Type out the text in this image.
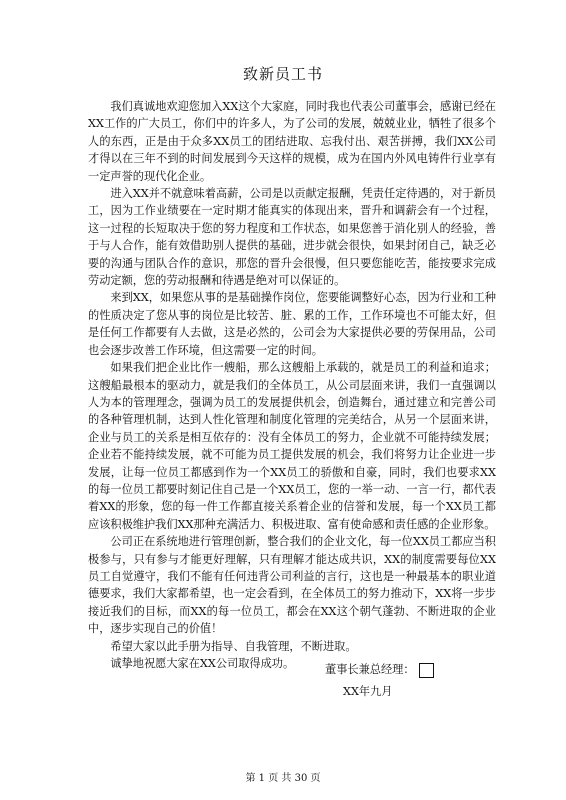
致新员工书

我们真诚地欢迎您加入XX这个大家庭，同时我也代表公司董事会，感谢已经在XX工作的广大员工，你们中的许多人，为了公司的发展，兢兢业业，牺牲了很多个人的东西，正是由于众多XX员工的团结进取、忘我付出、艰苦拼搏，我们XX公司才得以在三年不到的时间发展到今天这样的规模，成为在国内外风电铸件行业享有一定声誉的现代化企业。

进入XX并不就意味着高薪，公司是以贡献定报酬，凭责任定待遇的，对于新员工，因为工作业绩要在一定时期才能真实的体现出来，晋升和调薪会有一个过程，这一过程的长短取决于您的努力程度和工作状态，如果您善于消化别人的经验，善于与人合作，能有效借助别人提供的基础，进步就会很快，如果封闭自己，缺乏必要的沟通与团队合作的意识，那您的晋升会很慢，但只要您能吃苦，能按要求完成劳动定额，您的劳动报酬和待遇是绝对可以保证的。

来到XX，如果您从事的是基础操作岗位，您要能调整好心态，因为行业和工种的性质决定了您从事的岗位是比较苦、脏、累的工作，工作环境也不可能太好，但是任何工作都要有人去做，这是必然的，公司会为大家提供必要的劳保用品，公司也会逐步改善工作环境，但这需要一定的时间。

如果我们把企业比作一艘船，那么这艘船上承载的，就是员工的利益和追求；这艘船最根本的驱动力，就是我们的全体员工，从公司层面来讲，我们一直强调以人为本的管理理念，强调为员工的发展提供机会，创造舞台，通过建立和完善公司的各种管理机制，达到人性化管理和制度化管理的完美结合，从另一个层面来讲，企业与员工的关系是相互依存的：没有全体员工的努力，企业就不可能持续发展；企业若不能持续发展，就不可能为员工提供发展的机会，我们将努力让企业进一步发展，让每一位员工都感到作为一个XX员工的骄傲和自豪，同时，我们也要求XX的每一位员工都要时刻记住自己是一个XX员工，您的一举一动、一言一行，都代表着XX的形象，您的每一件工作都直接关系着企业的信誉和发展，每一个XX员工都应该积极维护我们XX那种充满活力、积极进取、富有使命感和责任感的企业形象。

公司正在系统地进行管理创新，整合我们的企业文化，每一位XX员工都应当积极参与，只有参与才能更好理解，只有理解才能达成共识，XX的制度需要每位XX员工自觉遵守，我们不能有任何违背公司利益的言行，这也是一种最基本的职业道德要求，我们大家都希望，也一定会看到，在全体员工的努力推动下，XX将一步步接近我们的目标，而XX的每一位员工，都会在XX这个朝气蓬勃、不断进取的企业中，逐步实现自己的价值！

希望大家以此手册为指导、自我管理，不断进取。

诚挚地祝愿大家在XX公司取得成功。	董事长兼总经理：
XX年九月
第 1 页 共 30 页
